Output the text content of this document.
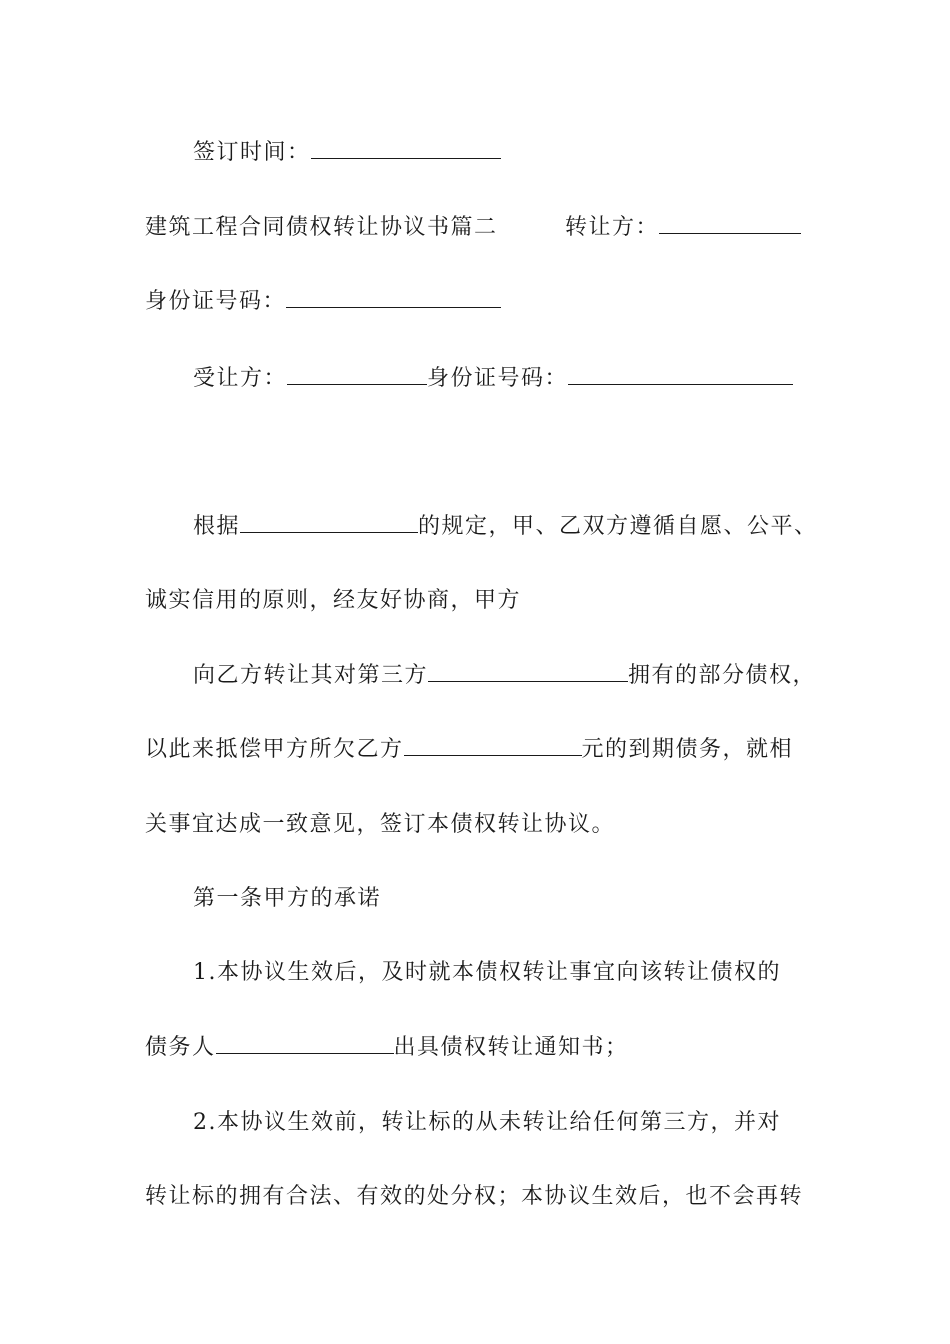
签订时间：
建筑工程合同债权转让协议书篇二	转让方：
身份证号码：
受让方：	身份证号码：
根据	的规定，甲、乙双方遵循自愿、公平、
诚实信用的原则，经友好协商，甲方
向乙方转让其对第三方	拥有的部分债权，
以此来抵偿甲方所欠乙方	元的到期债务，就相
关事宜达成一致意见，签订本债权转让协议。
第一条甲方的承诺
1.本协议生效后，及时就本债权转让事宜向该转让债权的
债务人	出具债权转让通知书；
2.本协议生效前，转让标的从未转让给任何第三方，并对
转让标的拥有合法、有效的处分权；本协议生效后，也不会再转
